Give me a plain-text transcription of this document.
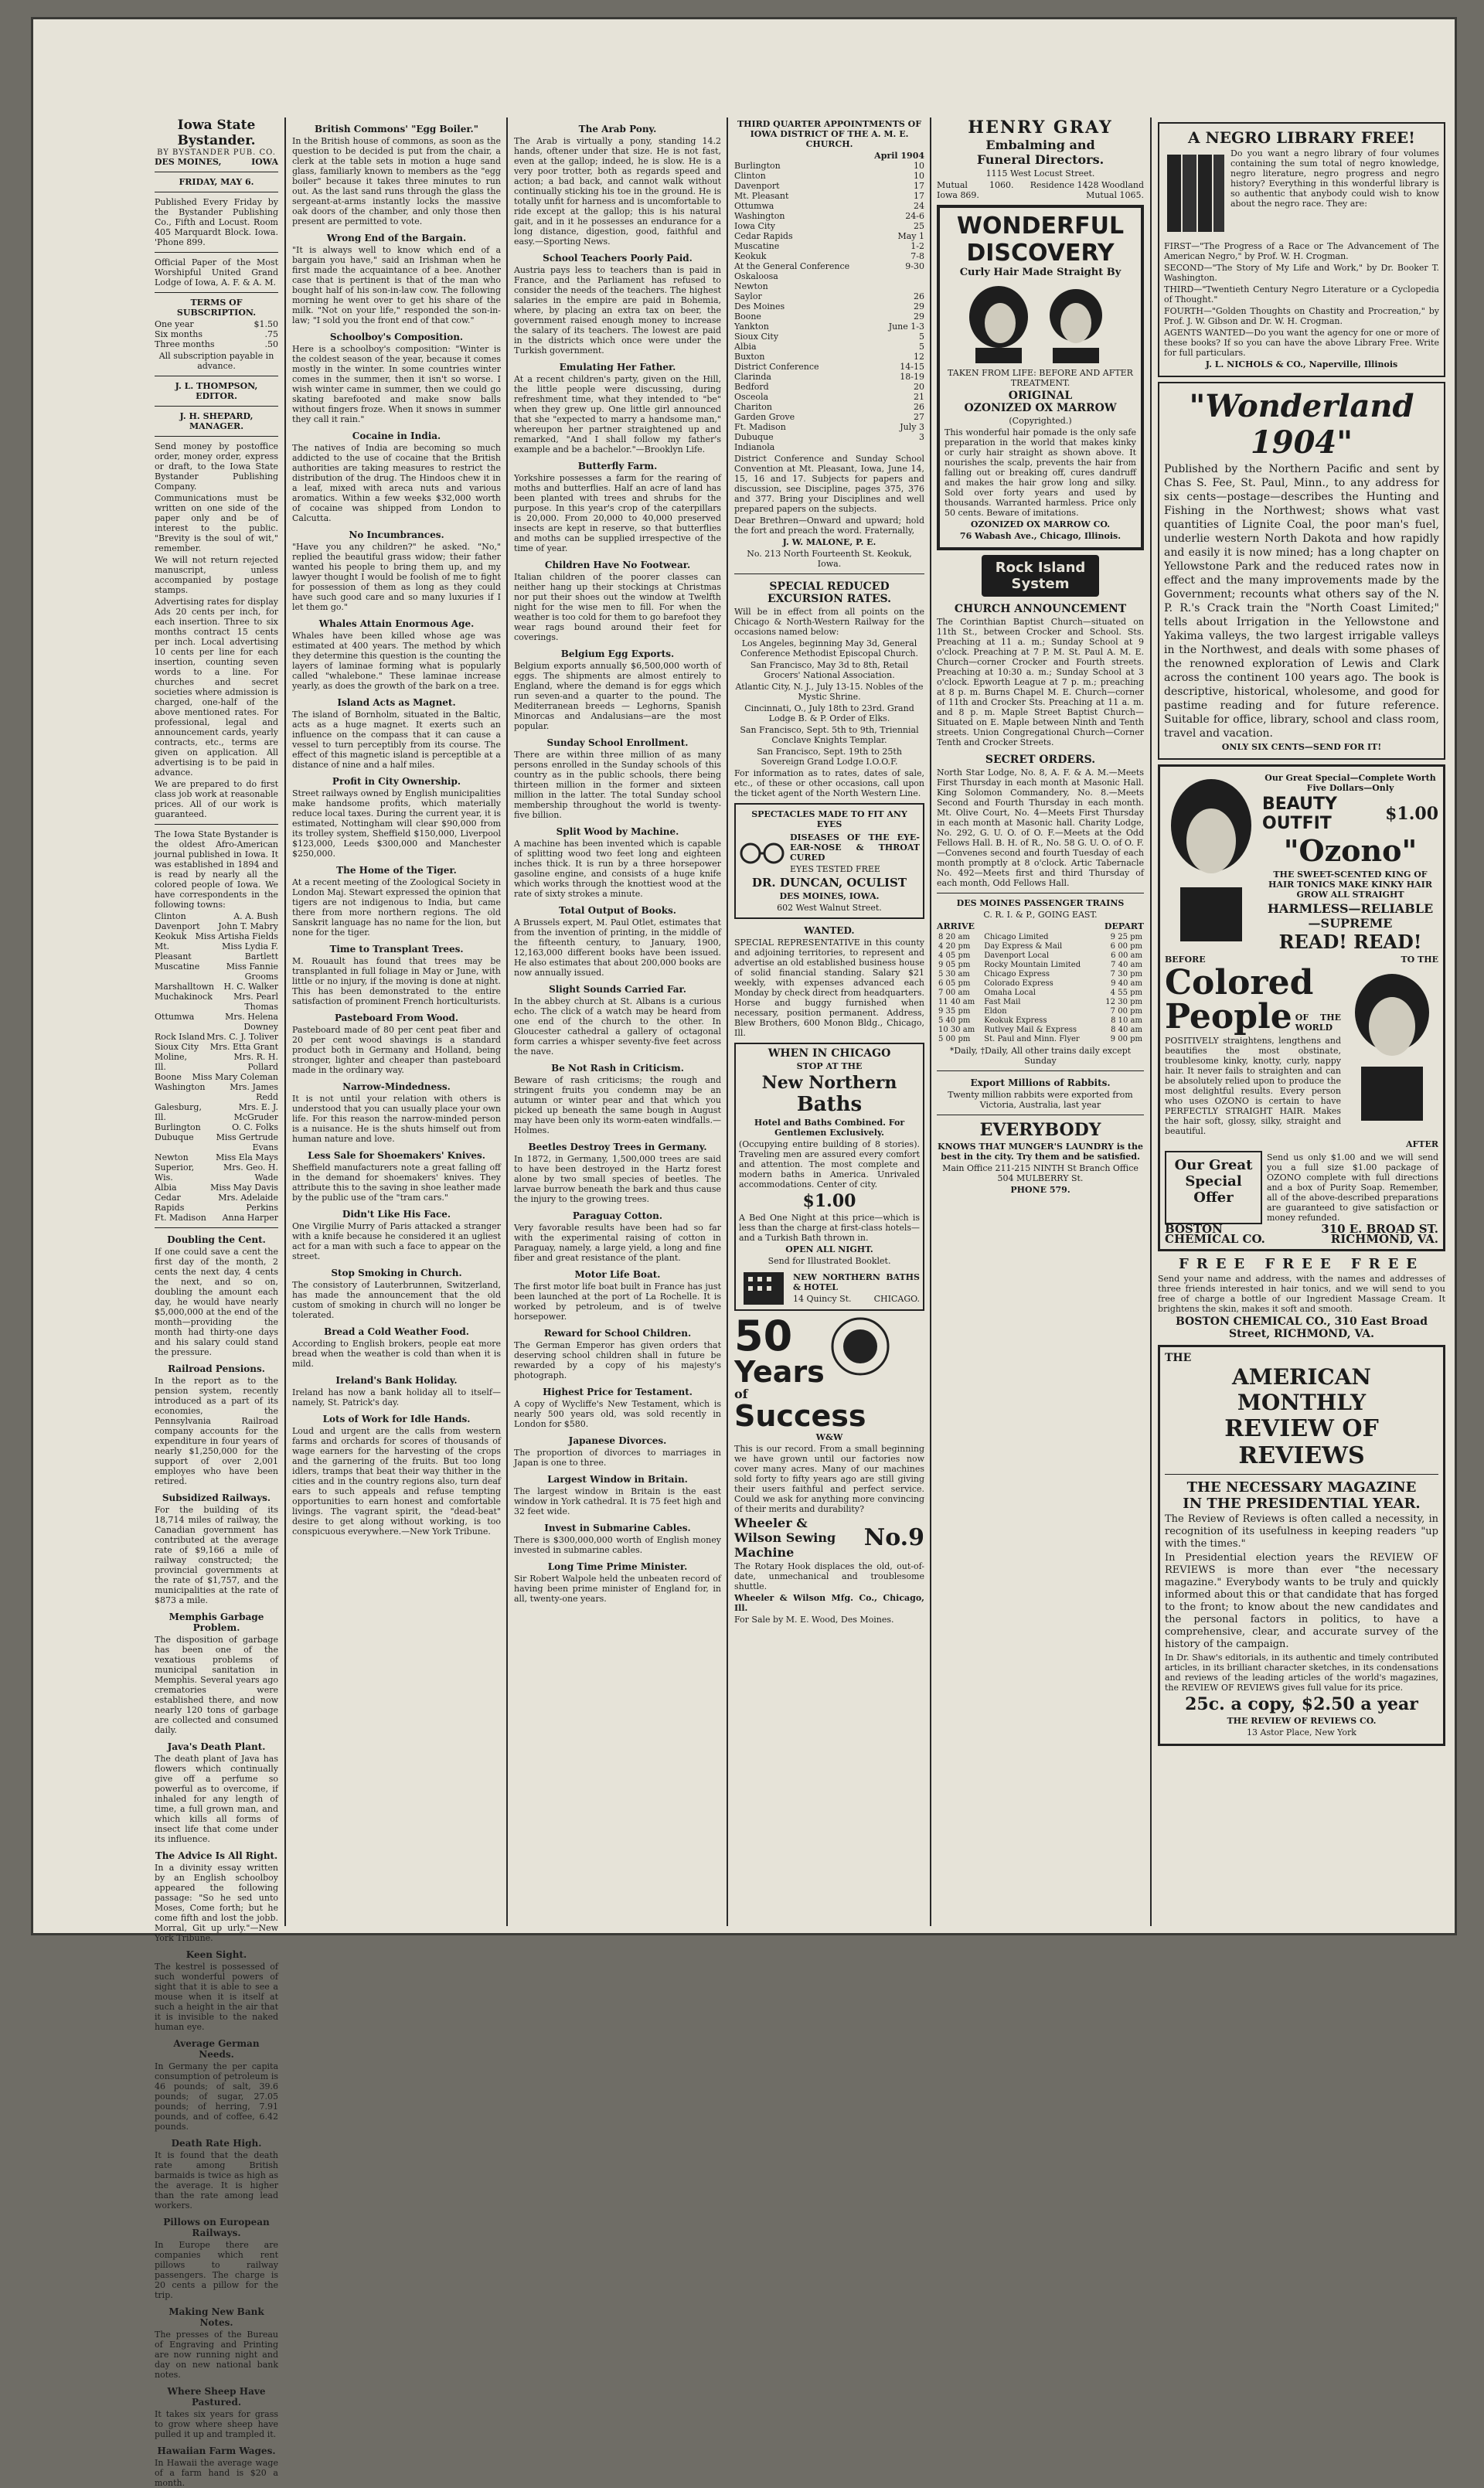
Iowa State Bystander.
BY BYSTANDER PUB. CO.
DES MOINES,	IOWA
FRIDAY, MAY 6.

Published Every Friday by the Bystander Publishing Co., Fifth and Locust. Room 405 Marquardt Block. Iowa. 'Phone 899.

Official Paper of the Most Worshipful United Grand Lodge of Iowa, A. F. & A. M.

TERMS OF SUBSCRIPTION.
One year	$1.50
Six months	.75
Three months	.50
All subscription payable in advance.
J. L. THOMPSON, EDITOR.
J. H. SHEPARD, MANAGER.

Send money by postoffice order, money order, express or draft, to the Iowa State Bystander Publishing Company.

Communications must be written on one side of the paper only and be of interest to the public. "Brevity is the soul of wit," remember.

We will not return rejected manuscript, unless accompanied by postage stamps.

Advertising rates for display Ads 20 cents per inch, for each insertion. Three to six months contract 15 cents per inch. Local advertising 10 cents per line for each insertion, counting seven words to a line. For churches and secret societies where admission is charged, one-half of the above mentioned rates. For professional, legal and announcement cards, yearly contracts, etc., terms are given on application. All advertising is to be paid in advance.

We are prepared to do first class job work at reasonable prices. All of our work is guaranteed.

The Iowa State Bystander is the oldest Afro-American journal published in Iowa. It was established in 1894 and is read by nearly all the colored people of Iowa. We have correspondents in the following towns:

Clinton	A. A. Bush
Davenport John T. Mabry
Keokuk Miss Artisha Fields
Mt. Pleasant
Miss Lydia F. Bartlett
Muscatine	Miss Fannie Grooms
Marshalltown H. C. Walker
Muchakinock	Mrs. Pearl Thomas
Ottumwa	Mrs. Helena Downey
Rock Island Mrs. C. J. Toliver
Sioux City Mrs. Etta Grant
Moline, Ill.
Mrs. R. H. Pollard
Boone Miss Mary Coleman
Washington	Mrs. James Redd
Galesburg, Ill.
Mrs. E. J. McGruder
Burlington	O. C. Folks
Dubuque	Miss Gertrude Evans
Newton	Miss Ela Mays
Superior, Wis.
Mrs. Geo. H. Wade
Albia	Miss May Davis
Cedar Rapids
Mrs. Adelaide Perkins
Ft. Madison Anna Harper
Doubling the Cent.

If one could save a cent the first day of the month, 2 cents the next day, 4 cents the next, and so on, doubling the amount each day, he would have nearly $5,000,000 at the end of the month—providing the month had thirty-one days and his salary could stand the pressure.

Railroad Pensions.

In the report as to the pension system, recently introduced as a part of its economies, the Pennsylvania Railroad company accounts for the expenditure in four years of nearly $1,250,000 for the support of over 2,001 employes who have been retired.

Subsidized Railways.

For the building of its 18,714 miles of railway, the Canadian government has contributed at the average rate of $9,166 a mile of railway constructed; the provincial governments at the rate of $1,757, and the municipalities at the rate of $873 a mile.

Memphis Garbage Problem.

The disposition of garbage has been one of the vexatious problems of municipal sanitation in Memphis. Several years ago crematories were established there, and now nearly 120 tons of garbage are collected and consumed daily.

Java's Death Plant.

The death plant of Java has flowers which continually give off a perfume so powerful as to overcome, if inhaled for any length of time, a full grown man, and which kills all forms of insect life that come under its influence.

The Advice Is All Right.

In a divinity essay written by an English schoolboy appeared the following passage: "So he sed unto Moses, Come forth; but he come fifth and lost the jobb. Morral, Git up urly."—New York Tribune.

Keen Sight.

The kestrel is possessed of such wonderful powers of sight that it is able to see a mouse when it is itself at such a height in the air that it is invisible to the naked human eye.

Average German Needs.

In Germany the per capita consumption of petroleum is 46 pounds; of salt, 39.6 pounds; of sugar, 27.05 pounds; of herring, 7.91 pounds, and of coffee, 6.42 pounds.

Death Rate High.

It is found that the death rate among British barmaids is twice as high as the average. It is higher than the rate among lead workers.

Pillows on European Railways.

In Europe there are companies which rent pillows to railway passengers. The charge is 20 cents a pillow for the trip.

Making New Bank Notes.

The presses of the Bureau of Engraving and Printing are now running night and day on new national bank notes.

Where Sheep Have Pastured.

It takes six years for grass to grow where sheep have pulled it up and trampled it.

Hawaiian Farm Wages.

In Hawaii the average wage of a farm hand is $20 a month.

British Commons' "Egg Boiler."

In the British house of commons, as soon as the question to be decided is put from the chair, a clerk at the table sets in motion a huge sand glass, familiarly known to members as the "egg boiler" because it takes three minutes to run out. As the last sand runs through the glass the sergeant-at-arms instantly locks the massive oak doors of the chamber, and only those then present are permitted to vote.

Wrong End of the Bargain.

"It is always well to know which end of a bargain you have," said an Irishman when he first made the acquaintance of a bee. Another case that is pertinent is that of the man who bought half of his son-in-law cow. The following morning he went over to get his share of the milk. "Not on your life," responded the son-in-law; "I sold you the front end of that cow."

Schoolboy's Composition.

Here is a schoolboy's composition: "Winter is the coldest season of the year, because it comes mostly in the winter. In some countries winter comes in the summer, then it isn't so worse. I wish winter came in summer, then we could go skating barefooted and make snow balls without fingers froze. When it snows in summer they call it rain."

Cocaine in India.

The natives of India are becoming so much addicted to the use of cocaine that the British authorities are taking measures to restrict the distribution of the drug. The Hindoos chew it in a leaf, mixed with areca nuts and various aromatics. Within a few weeks $32,000 worth of cocaine was shipped from London to Calcutta.

No Incumbrances.

"Have you any children?" he asked. "No," replied the beautiful grass widow; their father wanted his people to bring them up, and my lawyer thought I would be foolish of me to fight for possession of them as long as they could have such good care and so many luxuries if I let them go."

Whales Attain Enormous Age.

Whales have been killed whose age was estimated at 400 years. The method by which they determine this question is the counting the layers of laminae forming what is popularly called "whalebone." These laminae increase yearly, as does the growth of the bark on a tree.

Island Acts as Magnet.

The island of Bornholm, situated in the Baltic, acts as a huge magnet. It exerts such an influence on the compass that it can cause a vessel to turn perceptibly from its course. The effect of this magnetic island is perceptible at a distance of nine and a half miles.

Profit in City Ownership.

Street railways owned by English municipalities make handsome profits, which materially reduce local taxes. During the current year, it is estimated, Nottingham will clear $90,000 from its trolley system, Sheffield $150,000, Liverpool $123,000, Leeds $300,000 and Manchester $250,000.

The Home of the Tiger.

At a recent meeting of the Zoological Society in London Maj. Stewart expressed the opinion that tigers are not indigenous to India, but came there from more northern regions. The old Sanskrit language has no name for the lion, but none for the tiger.

Time to Transplant Trees.

M. Rouault has found that trees may be transplanted in full foliage in May or June, with little or no injury, if the moving is done at night. This has been demonstrated to the entire satisfaction of prominent French horticulturists.

Pasteboard From Wood.

Pasteboard made of 80 per cent peat fiber and 20 per cent wood shavings is a standard product both in Germany and Holland, being stronger, lighter and cheaper than pasteboard made in the ordinary way.

Narrow-Mindedness.

It is not until your relation with others is understood that you can usually place your own life. For this reason the narrow-minded person is a nuisance. He is the shuts himself out from human nature and love.

Less Sale for Shoemakers' Knives.

Sheffield manufacturers note a great falling off in the demand for shoemakers' knives. They attribute this to the saving in shoe leather made by the public use of the "tram cars."

Didn't Like His Face.

One Virgilie Murry of Paris attacked a stranger with a knife because he considered it an ugliest act for a man with such a face to appear on the street.

Stop Smoking in Church.

The consistory of Lauterbrunnen, Switzerland, has made the announcement that the old custom of smoking in church will no longer be tolerated.

Bread a Cold Weather Food.

According to English brokers, people eat more bread when the weather is cold than when it is mild.

Ireland's Bank Holiday.

Ireland has now a bank holiday all to itself—namely, St. Patrick's day.

Lots of Work for Idle Hands.

Loud and urgent are the calls from western farms and orchards for scores of thousands of wage earners for the harvesting of the crops and the garnering of the fruits. But too long idlers, tramps that beat their way thither in the cities and in the country regions also, turn deaf ears to such appeals and refuse tempting opportunities to earn honest and comfortable livings. The vagrant spirit, the "dead-beat" desire to get along without working, is too conspicuous everywhere.—New York Tribune.

The Arab Pony.

The Arab is virtually a pony, standing 14.2 hands, oftener under that size. He is not fast, even at the gallop; indeed, he is slow. He is a very poor trotter, both as regards speed and action; a bad back, and cannot walk without continually sticking his toe in the ground. He is totally unfit for harness and is uncomfortable to ride except at the gallop; this is his natural gait, and in it he possesses an endurance for a long distance, digestion, good, faithful and easy.—Sporting News.

School Teachers Poorly Paid.

Austria pays less to teachers than is paid in France, and the Parliament has refused to consider the needs of the teachers. The highest salaries in the empire are paid in Bohemia, where, by placing an extra tax on beer, the government raised enough money to increase the salary of its teachers. The lowest are paid in the districts which once were under the Turkish government.

Emulating Her Father.

At a recent children's party, given on the Hill, the little people were discussing, during refreshment time, what they intended to "be" when they grew up. One little girl announced that she "expected to marry a handsome man," whereupon her partner straightened up and remarked, "And I shall follow my father's example and be a bachelor."—Brooklyn Life.

Butterfly Farm.

Yorkshire possesses a farm for the rearing of moths and butterflies. Half an acre of land has been planted with trees and shrubs for the purpose. In this year's crop of the caterpillars is 20,000. From 20,000 to 40,000 preserved insects are kept in reserve, so that butterflies and moths can be supplied irrespective of the time of year.

Children Have No Footwear.

Italian children of the poorer classes can neither hang up their stockings at Christmas nor put their shoes out the window at Twelfth night for the wise men to fill. For when the weather is too cold for them to go barefoot they wear rags bound around their feet for coverings.

Belgium Egg Exports.

Belgium exports annually $6,500,000 worth of eggs. The shipments are almost entirely to England, where the demand is for eggs which run seven-and a quarter to the pound. The Mediterranean breeds — Leghorns, Spanish Minorcas and Andalusians—are the most popular.

Sunday School Enrollment.

There are within three million of as many persons enrolled in the Sunday schools of this country as in the public schools, there being thirteen million in the former and sixteen million in the latter. The total Sunday school membership throughout the world is twenty-five billion.

Split Wood by Machine.

A machine has been invented which is capable of splitting wood two feet long and eighteen inches thick. It is run by a three horsepower gasoline engine, and consists of a huge knife which works through the knottiest wood at the rate of sixty strokes a minute.

Total Output of Books.

A Brussels expert, M. Paul Otlet, estimates that from the invention of printing, in the middle of the fifteenth century, to January, 1900, 12,163,000 different books have been issued. He also estimates that about 200,000 books are now annually issued.

Slight Sounds Carried Far.

In the abbey church at St. Albans is a curious echo. The click of a watch may be heard from one end of the church to the other. In Gloucester cathedral a gallery of octagonal form carries a whisper seventy-five feet across the nave.

Be Not Rash in Criticism.

Beware of rash criticisms; the rough and stringent fruits you condemn may be an autumn or winter pear and that which you picked up beneath the same bough in August may have been only its worm-eaten windfalls.—Holmes.

Beetles Destroy Trees in Germany.

In 1872, in Germany, 1,500,000 trees are said to have been destroyed in the Hartz forest alone by two small species of beetles. The larvae burrow beneath the bark and thus cause the injury to the growing trees.

Paraguay Cotton.

Very favorable results have been had so far with the experimental raising of cotton in Paraguay, namely, a large yield, a long and fine fiber and great resistance of the plant.

Motor Life Boat.

The first motor life boat built in France has just been launched at the port of La Rochelle. It is worked by petroleum, and is of twelve horsepower.

Reward for School Children.

The German Emperor has given orders that deserving school children shall in future be rewarded by a copy of his majesty's photograph.

Highest Price for Testament.

A copy of Wycliffe's New Testament, which is nearly 500 years old, was sold recently in London for $580.

Japanese Divorces.

The proportion of divorces to marriages in Japan is one to three.

Largest Window in Britain.

The largest window in Britain is the east window in York cathedral. It is 75 feet high and 32 feet wide.

Invest in Submarine Cables.

There is $300,000,000 worth of English money invested in submarine cables.

Long Time Prime Minister.

Sir Robert Walpole held the unbeaten record of having been prime minister of England for, in all, twenty-one years.

THIRD QUARTER APPOINTMENTS OF IOWA DISTRICT OF THE A. M. E. CHURCH.
April 1904
Burlington	10
Clinton	10
Davenport	17
Mt. Pleasant	17
Ottumwa	24
Washington	24-6
Iowa City	25
Cedar Rapids	May 1
Muscatine	1-2
Keokuk	7-8
At the General Conference	9-30
Oskaloosa
Newton
Saylor	26
Des Moines	29
Boone	29
Yankton	June 1-3
Sioux City	5
Albia	5
Buxton	12
District Conference	14-15
Clarinda	18-19
Bedford	20
Osceola	21
Chariton	26
Garden Grove	27
Ft. Madison	July 3
Dubuque	3
Indianola

District Conference and Sunday School Convention at Mt. Pleasant, Iowa, June 14, 15, 16 and 17. Subjects for papers and discussion, see Discipline, pages 375, 376 and 377. Bring your Disciplines and well prepared papers on the subjects.

Dear Brethren—Onward and upward; hold the fort and preach the word. Fraternally,

J. W. MALONE, P. E.
No. 213 North Fourteenth St. Keokuk, Iowa.
SPECIAL REDUCED EXCURSION RATES.

Will be in effect from all points on the Chicago & North-Western Railway for the occasions named below:

Los Angeles, beginning May 3d, General Conference Methodist Episcopal Church.

San Francisco, May 3d to 8th, Retail Grocers' National Association.

Atlantic City, N. J., July 13-15. Nobles of the Mystic Shrine.

Cincinnati, O., July 18th to 23rd. Grand Lodge B. & P. Order of Elks.

San Francisco, Sept. 5th to 9th, Triennial Conclave Knights Templar.

San Francisco, Sept. 19th to 25th Sovereign Grand Lodge I.O.O.F.

For information as to rates, dates of sale, etc., of these or other occasions, call upon the ticket agent of the North Western Line.

SPECTACLES MADE TO FIT ANY EYES
DISEASES OF THE EYE-EAR-NOSE & THROAT CURED
EYES TESTED FREE
DR. DUNCAN, OCULIST
DES MOINES, IOWA.
602 West Walnut Street.
WANTED.

SPECIAL REPRESENTATIVE in this county and adjoining territories, to represent and advertise an old established business house of solid financial standing. Salary $21 weekly, with expenses advanced each Monday by check direct from headquarters. Horse and buggy furnished when necessary, position permanent. Address, Blew Brothers, 600 Monon Bldg., Chicago, Ill.

WHEN IN CHICAGO
STOP AT THE
New Northern
Baths
Hotel and Baths Combined. For Gentlemen Exclusively.

(Occupying entire building of 8 stories). Traveling men are assured every comfort and attention. The most complete and modern baths in America. Unrivaled accommodations. Center of city.

$1.00

A Bed One Night at this price—which is less than the charge at first-class hotels—and a Turkish Bath thrown in.

OPEN ALL NIGHT.
Send for Illustrated Booklet.
NEW NORTHERN BATHS & HOTEL
14 Quincy St.	CHICAGO.
50
Years
of
Success
W&W

This is our record. From a small beginning we have grown until our factories now cover many acres. Many of our machines sold forty to fifty years ago are still giving their users faithful and perfect service. Could we ask for anything more convincing of their merits and durability?

Wheeler & Wilson Sewing Machine
No.9

The Rotary Hook displaces the old, out-of-date, unmechanical and troublesome shuttle.

Wheeler & Wilson Mfg. Co., Chicago, Ill.
For Sale by M. E. Wood, Des Moines.
HENRY GRAY
Embalming and
Funeral Directors.
1115 West Locust Street.
Mutual 1060. Iowa 869.
Residence 1428 Woodland Mutual 1065.
WONDERFUL
DISCOVERY
Curly Hair Made Straight By
TAKEN FROM LIFE: BEFORE AND AFTER TREATMENT.
ORIGINAL
OZONIZED OX MARROW
(Copyrighted.)

This wonderful hair pomade is the only safe preparation in the world that makes kinky or curly hair straight as shown above. It nourishes the scalp, prevents the hair from falling out or breaking off, cures dandruff and makes the hair grow long and silky. Sold over forty years and used by thousands. Warranted harmless. Price only 50 cents. Beware of imitations.

OZONIZED OX MARROW CO.
76 Wabash Ave., Chicago, Illinois.
Rock Island
System
CHURCH ANNOUNCEMENT

The Corinthian Baptist Church—situated on 11th St., between Crocker and School. Sts. Preaching at 11 a. m.; Sunday School at 9 o'clock. Preaching at 7 P. M. St. Paul A. M. E. Church—corner Crocker and Fourth streets. Preaching at 10:30 a. m.; Sunday School at 3 o'clock. Epworth League at 7 p. m.; preaching at 8 p. m. Burns Chapel M. E. Church—corner of 11th and Crocker Sts. Preaching at 11 a. m. and 8 p. m. Maple Street Baptist Church—Situated on E. Maple between Ninth and Tenth streets. Union Congregational Church—Corner Tenth and Crocker Streets.

SECRET ORDERS.

North Star Lodge, No. 8, A. F. & A. M.—Meets First Thursday in each month at Masonic Hall. King Solomon Commandery, No. 8.—Meets Second and Fourth Thursday in each month. Mt. Olive Court, No. 4—Meets First Thursday in each month at Masonic hall. Charity Lodge, No. 292, G. U. O. of O. F.—Meets at the Odd Fellows Hall. B. H. of R., No. 58 G. U. O. of O. F.—Convenes second and fourth Tuesday of each month promptly at 8 o'clock. Artic Tabernacle No. 492—Meets first and third Thursday of each month, Odd Fellows Hall.

DES MOINES PASSENGER TRAINS
C. R. I. & P., GOING EAST.
ARRIVE	DEPART
8 20 am	Chicago Limited	9 25 pm
4 20 pm	Day Express & Mail	6 00 pm
4 05 pm	Davenport Local	6 00 am
9 05 pm	Rocky Mountain Limited	7 40 am
5 30 am	Chicago Express	7 30 pm
6 05 pm	Colorado Express	9 40 am
7 00 am	Omaha Local	4 55 pm
11 40 am	Fast Mail	12 30 pm
9 35 pm	Eldon	7 00 pm
5 40 pm	Keokuk Express	8 10 am
10 30 am	Rutlvey Mail & Express	8 40 am
5 00 pm	St. Paul and Minn. Flyer	9 00 pm
*Daily, †Daily, All other trains daily except Sunday
Export Millions of Rabbits.

Twenty million rabbits were exported from Victoria, Australia, last year

EVERYBODY

KNOWS THAT MUNGER'S LAUNDRY is the best in the city. Try them and be satisfied.

Main Office 211-215 NINTH St Branch Office 504 MULBERRY St.

PHONE 579.
A NEGRO LIBRARY FREE!

Do you want a negro library of four volumes containing the sum total of negro knowledge, negro literature, negro progress and negro history? Everything in this wonderful library is so authentic that anybody could wish to know about the negro race. They are:

FIRST—"The Progress of a Race or The Advancement of The American Negro," by Prof. W. H. Crogman.

SECOND—"The Story of My Life and Work," by Dr. Booker T. Washington.

THIRD—"Twentieth Century Negro Literature or a Cyclopedia of Thought."

FOURTH—"Golden Thoughts on Chastity and Procreation," by Prof. J. W. Gibson and Dr. W. H. Crogman.

AGENTS WANTED—Do you want the agency for one or more of these books? If so you can have the above Library Free. Write for full particulars.

J. L. NICHOLS & CO., Naperville, Illinois
"Wonderland 1904"

Published by the Northern Pacific and sent by Chas S. Fee, St. Paul, Minn., to any address for six cents—postage—describes the Hunting and Fishing in the Northwest; shows what vast quantities of Lignite Coal, the poor man's fuel, underlie western North Dakota and how rapidly and easily it is now mined; has a long chapter on Yellowstone Park and the reduced rates now in effect and the many improvements made by the Government; recounts what others say of the N. P. R.'s Crack train the "North Coast Limited;" tells about Irrigation in the Yellowstone and Yakima valleys, the two largest irrigable valleys in the Northwest, and deals with some phases of the renowned exploration of Lewis and Clark across the continent 100 years ago. The book is descriptive, historical, wholesome, and good for pastime reading and for future reference. Suitable for office, library, school and class room, travel and vacation.

ONLY SIX CENTS—SEND FOR IT!
Our Great Special—Complete Worth Five Dollars—Only
BEAUTY OUTFIT	$1.00
"Ozono"
THE SWEET-SCENTED KING OF HAIR TONICS MAKE KINKY HAIR GROW ALL STRAIGHT
HARMLESS—RELIABLE—SUPREME
READ! READ!
BEFORE	TO THE
Colored
People OF THE WORLD

POSITIVELY straightens, lengthens and beautifies the most obstinate, troublesome kinky, knotty, curly, nappy hair. It never fails to straighten and can be absolutely relied upon to produce the most delightful results. Every person who uses OZONO is certain to have PERFECTLY STRAIGHT HAIR. Makes the hair soft, glossy, silky, straight and beautiful.

AFTER
Our Great Special Offer

Send us only $1.00 and we will send you a full size $1.00 package of OZONO complete with full directions and a box of Purity Soap. Remember, all of the above-described preparations are guaranteed to give satisfaction or money refunded.

BOSTON CHEMICAL CO.
310 E. BROAD ST. RICHMOND, VA.
FREE FREE FREE

Send your name and address, with the names and addresses of three friends interested in hair tonics, and we will send to you free of charge a bottle of our Ingredient Massage Cream. It brightens the skin, makes it soft and smooth.

BOSTON CHEMICAL CO., 310 East Broad Street, RICHMOND, VA.
THE
AMERICAN MONTHLY
REVIEW OF REVIEWS
THE NECESSARY MAGAZINE
IN THE PRESIDENTIAL YEAR.

The Review of Reviews is often called a necessity, in recognition of its usefulness in keeping readers "up with the times."

In Presidential election years the REVIEW OF REVIEWS is more than ever "the necessary magazine." Everybody wants to be truly and quickly informed about this or that candidate that has forged to the front; to know about the new candidates and the personal factors in politics, to have a comprehensive, clear, and accurate survey of the history of the campaign.

In Dr. Shaw's editorials, in its authentic and timely contributed articles, in its brilliant character sketches, in its condensations and reviews of the leading articles of the world's magazines, the REVIEW OF REVIEWS gives full value for its price.

25c. a copy, $2.50 a year
THE REVIEW OF REVIEWS CO.
13 Astor Place, New York
